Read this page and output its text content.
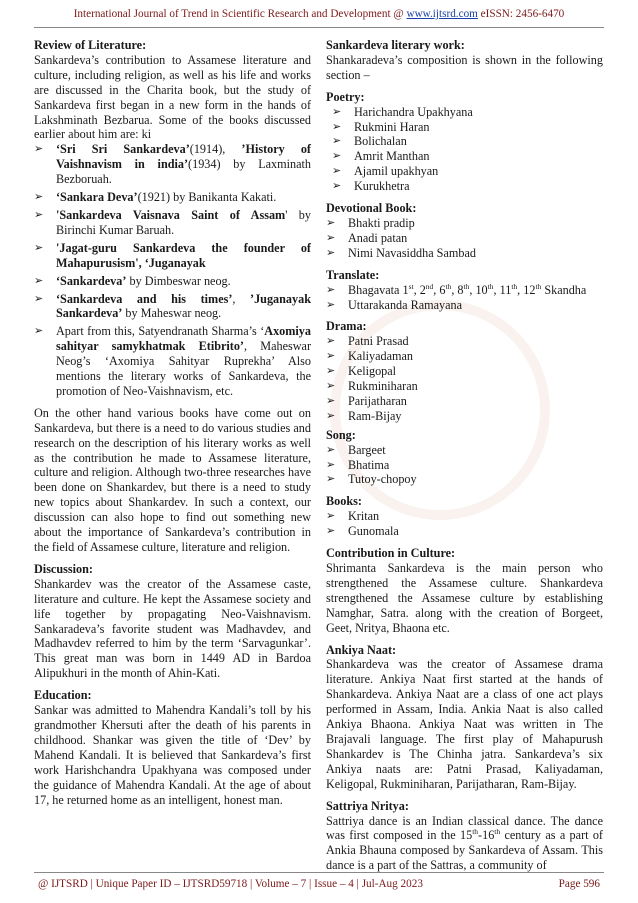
International Journal of Trend in Scientific Research and Development @ www.ijtsrd.com eISSN: 2456-6470

Review of Literature:

Sankardeva’s contribution to Assamese literature and culture, including religion, as well as his life and works are discussed in the Charita book, but the study of Sankardeva first began in a new form in the hands of Lakshminath Bezbarua. Some of the books discussed earlier about him are: ki

➢ ‘Sri Sri Sankardeva’(1914), ’History of Vaishnavism in india’(1934) by Laxminath Bezboruah.
➢ ‘Sankara Deva’(1921) by Banikanta Kakati.
➢ 'Sankardeva Vaisnava Saint of Assam' by Birinchi Kumar Baruah.
➢ 'Jagat-guru Sankardeva the founder of Mahapurusism', ‘Juganayak
➢ ‘Sankardeva’ by Dimbeswar neog.
➢ ‘Sankardeva and his times’, ’Juganayak Sankardeva’ by Maheswar neog.
➢ Apart from this, Satyendranath Sharma’s ‘Axomiya sahityar samykhatmak Etibrito’, Maheswar Neog’s ‘Axomiya Sahityar Ruprekha’ Also mentions the literary works of Sankardeva, the promotion of Neo-Vaishnavism, etc.

On the other hand various books have come out on Sankardeva, but there is a need to do various studies and research on the description of his literary works as well as the contribution he made to Assamese literature, culture and religion. Although two-three researches have been done on Shankardev, but there is a need to study new topics about Shankardev. In such a context, our discussion can also hope to find out something new about the importance of Sankardeva’s contribution in the field of Assamese culture, literature and religion.

Discussion:

Shankardev was the creator of the Assamese caste, literature and culture. He kept the Assamese society and life together by propagating Neo-Vaishnavism. Sankaradeva’s favorite student was Madhavdev, and Madhavdev referred to him by the term ‘Sarvagunkar’. This great man was born in 1449 AD in Bardoa Alipukhuri in the month of Ahin-Kati.

Education:

Sankar was admitted to Mahendra Kandali’s toll by his grandmother Khersuti after the death of his parents in childhood. Shankar was given the title of ‘Dev’ by Mahend Kandali. It is believed that Sankardeva’s first work Harishchandra Upakhyana was composed under the guidance of Mahendra Kandali. At the age of about 17, he returned home as an intelligent, honest man.

Sankardeva literary work:

Shankaradeva’s composition is shown in the following section –

Poetry:

➢ Harichandra Upakhyana
➢ Rukmini Haran
➢ Bolichalan
➢ Amrit Manthan
➢ Ajamil upakhyan
➢ Kurukhetra

Devotional Book:

➢ Bhakti pradip
➢ Anadi patan
➢ Nimi Navasiddha Sambad

Translate:

➢ Bhagavata 1st, 2nd, 6th, 8th, 10th, 11th, 12th Skandha
➢ Uttarakanda Ramayana

Drama:

➢ Patni Prasad
➢ Kaliyadaman
➢ Keligopal
➢ Rukminiharan
➢ Parijatharan
➢ Ram-Bijay

Song:

➢ Bargeet
➢ Bhatima
➢ Tutoy-chopoy

Books:

➢ Kritan
➢ Gunomala

Contribution in Culture:

Shrimanta Sankardeva is the main person who strengthened the Assamese culture. Shankardeva strengthened the Assamese culture by establishing Namghar, Satra. along with the creation of Borgeet, Geet, Nritya, Bhaona etc.

Ankiya Naat:

Shankardeva was the creator of Assamese drama literature. Ankiya Naat first started at the hands of Shankardeva. Ankiya Naat are a class of one act plays performed in Assam, India. Ankia Naat is also called Ankiya Bhaona. Ankiya Naat was written in The Brajavali language. The first play of Mahapurush Shankardev is The Chinha jatra. Sankardeva’s six Ankiya naats are: Patni Prasad, Kaliyadaman, Keligopal, Rukminiharan, Parijatharan, Ram-Bijay.

Sattriya Nritya:

Sattriya dance is an Indian classical dance. The dance was first composed in the 15th-16th century as a part of Ankia Bhauna composed by Sankardeva of Assam. This dance is a part of the Sattras, a community of

@ IJTSRD | Unique Paper ID – IJTSRD59718 | Volume – 7 | Issue – 4 | Jul-Aug 2023	Page 596
